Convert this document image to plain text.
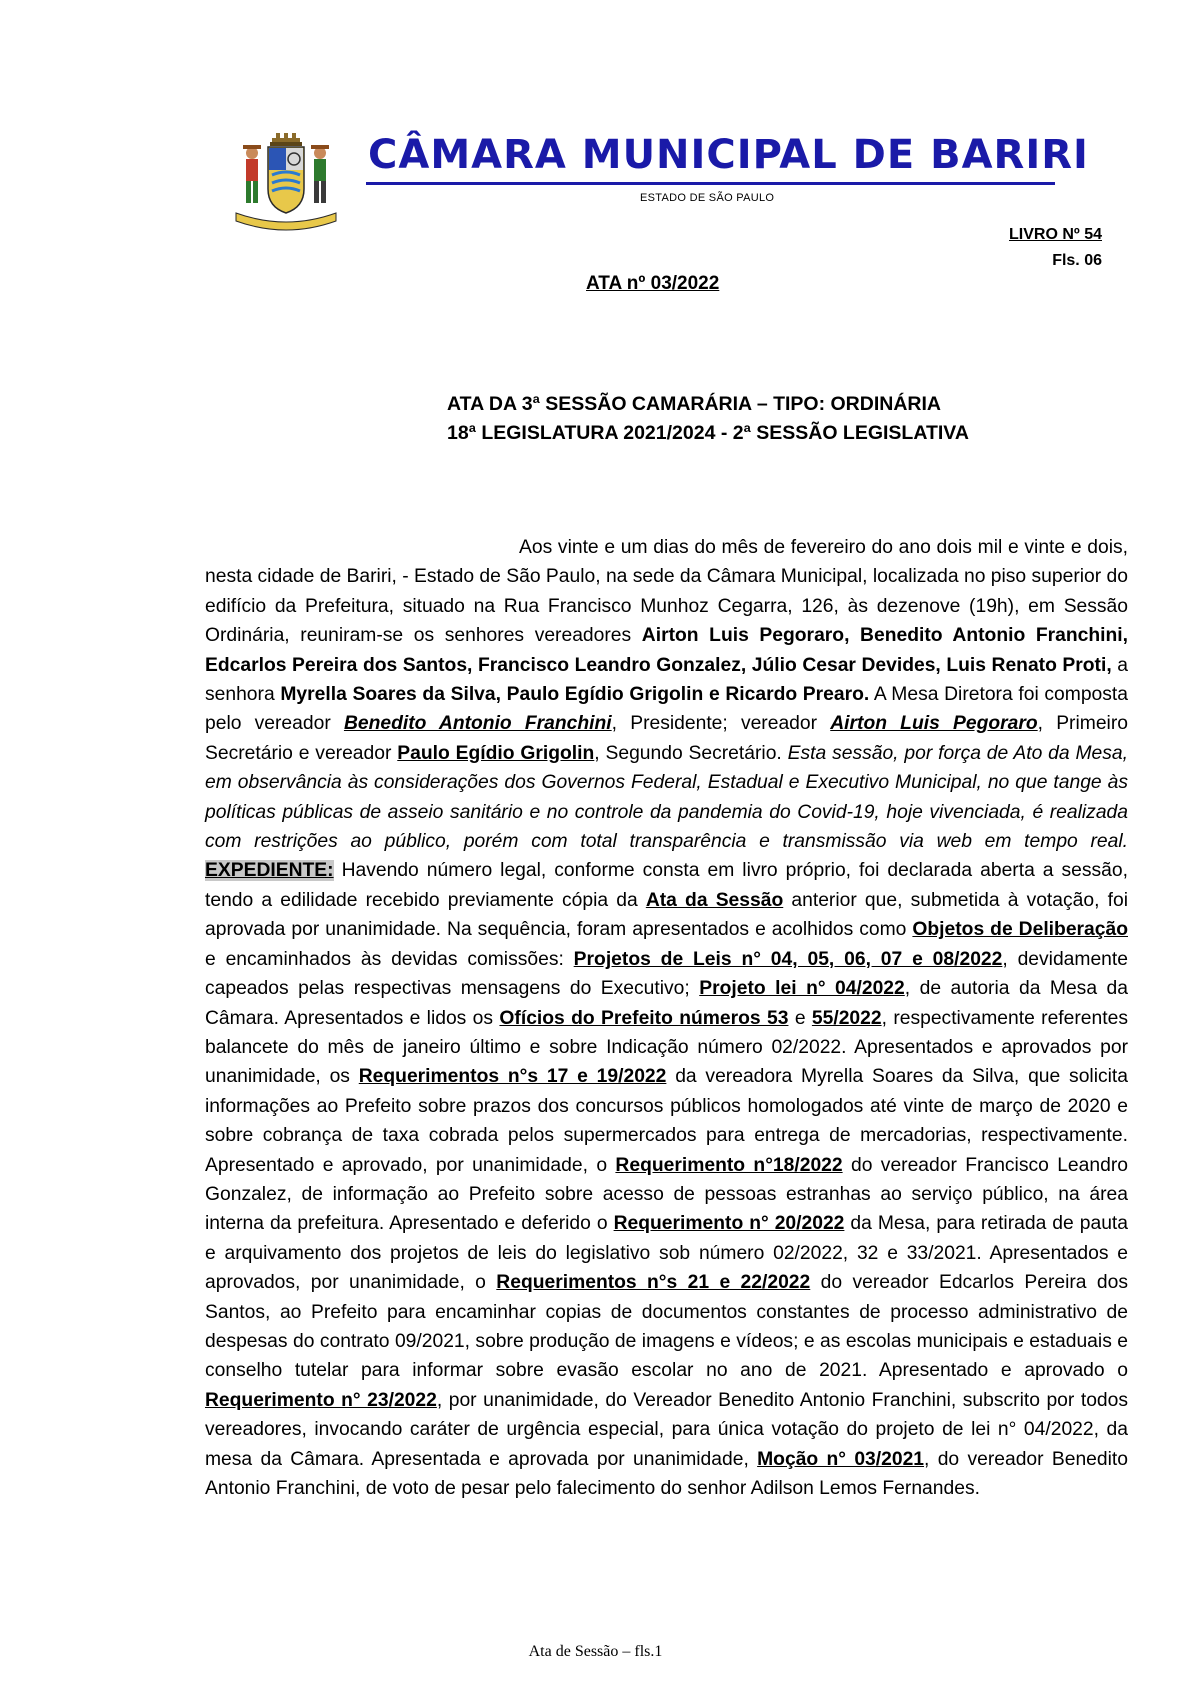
CÂMARA MUNICIPAL DE BARIRI
ESTADO DE SÃO PAULO
LIVRO Nº 54
Fls. 06
ATA nº 03/2022
ATA DA 3ª SESSÃO CAMARÁRIA – TIPO: ORDINÁRIA
18ª LEGISLATURA 2021/2024 - 2ª SESSÃO LEGISLATIVA

Aos vinte e um dias do mês de fevereiro do ano dois mil e vinte e dois, nesta cidade de Bariri, - Estado de São Paulo, na sede da Câmara Municipal, localizada no piso superior do edifício da Prefeitura, situado na Rua Francisco Munhoz Cegarra, 126, às dezenove (19h), em Sessão Ordinária, reuniram-se os senhores vereadores Airton Luis Pegoraro, Benedito Antonio Franchini, Edcarlos Pereira dos Santos, Francisco Leandro Gonzalez, Júlio Cesar Devides, Luis Renato Proti, a senhora Myrella Soares da Silva, Paulo Egídio Grigolin e Ricardo Prearo. A Mesa Diretora foi composta pelo vereador Benedito Antonio Franchini, Presidente; vereador Airton Luis Pegoraro, Primeiro Secretário e vereador Paulo Egídio Grigolin, Segundo Secretário. Esta sessão, por força de Ato da Mesa, em observância às considerações dos Governos Federal, Estadual e Executivo Municipal, no que tange às políticas públicas de asseio sanitário e no controle da pandemia do Covid-19, hoje vivenciada, é realizada com restrições ao público, porém com total transparência e transmissão via web em tempo real. EXPEDIENTE: Havendo número legal, conforme consta em livro próprio, foi declarada aberta a sessão, tendo a edilidade recebido previamente cópia da Ata da Sessão anterior que, submetida à votação, foi aprovada por unanimidade. Na sequência, foram apresentados e acolhidos como Objetos de Deliberação e encaminhados às devidas comissões: Projetos de Leis n° 04, 05, 06, 07 e 08/2022, devidamente capeados pelas respectivas mensagens do Executivo; Projeto lei n° 04/2022, de autoria da Mesa da Câmara. Apresentados e lidos os Ofícios do Prefeito números 53 e 55/2022, respectivamente referentes balancete do mês de janeiro último e sobre Indicação número 02/2022. Apresentados e aprovados por unanimidade, os Requerimentos n°s 17 e 19/2022 da vereadora Myrella Soares da Silva, que solicita informações ao Prefeito sobre prazos dos concursos públicos homologados até vinte de março de 2020 e sobre cobrança de taxa cobrada pelos supermercados para entrega de mercadorias, respectivamente. Apresentado e aprovado, por unanimidade, o Requerimento n°18/2022 do vereador Francisco Leandro Gonzalez, de informação ao Prefeito sobre acesso de pessoas estranhas ao serviço público, na área interna da prefeitura. Apresentado e deferido o Requerimento n° 20/2022 da Mesa, para retirada de pauta e arquivamento dos projetos de leis do legislativo sob número 02/2022, 32 e 33/2021. Apresentados e aprovados, por unanimidade, o Requerimentos n°s 21 e 22/2022 do vereador Edcarlos Pereira dos Santos, ao Prefeito para encaminhar copias de documentos constantes de processo administrativo de despesas do contrato 09/2021, sobre produção de imagens e vídeos; e as escolas municipais e estaduais e conselho tutelar para informar sobre evasão escolar no ano de 2021. Apresentado e aprovado o Requerimento n° 23/2022, por unanimidade, do Vereador Benedito Antonio Franchini, subscrito por todos vereadores, invocando caráter de urgência especial, para única votação do projeto de lei n° 04/2022, da mesa da Câmara. Apresentada e aprovada por unanimidade, Moção n° 03/2021, do vereador Benedito Antonio Franchini, de voto de pesar pelo falecimento do senhor Adilson Lemos Fernandes.

Ata de Sessão – fls.1
